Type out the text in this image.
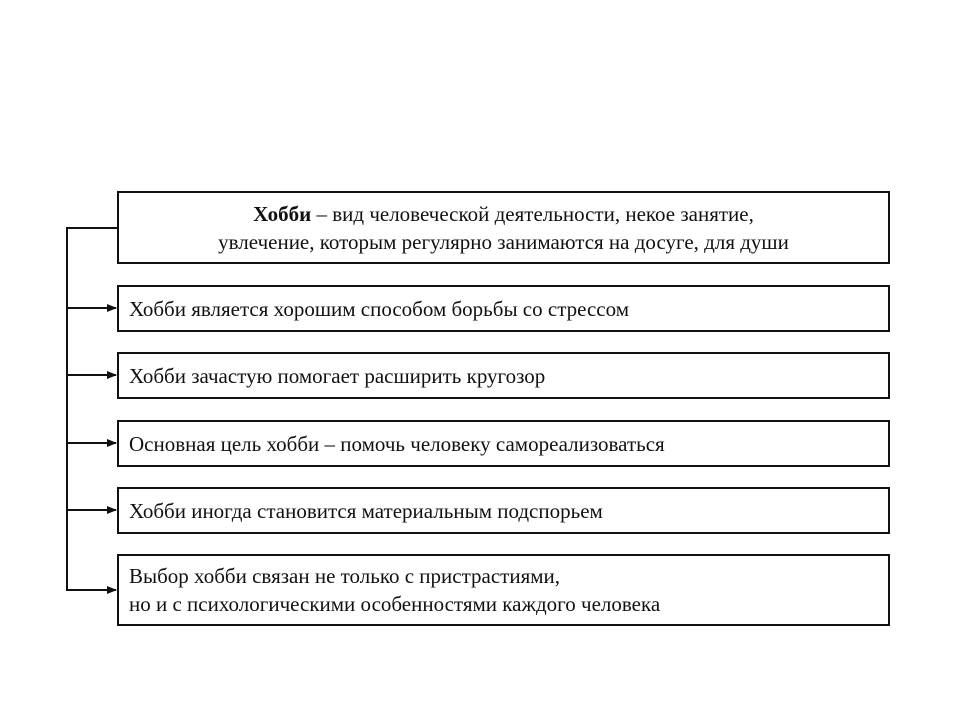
Хобби – вид человеческой деятельности, некое занятие,
увлечение, которым регулярно занимаются на досуге, для души
Хобби является хорошим способом борьбы со стрессом
Хобби зачастую помогает расширить кругозор
Основная цель хобби – помочь человеку самореализоваться
Хобби иногда становится материальным подспорьем
Выбор хобби связан не только с пристрастиями,
но и с психологическими особенностями каждого человека
